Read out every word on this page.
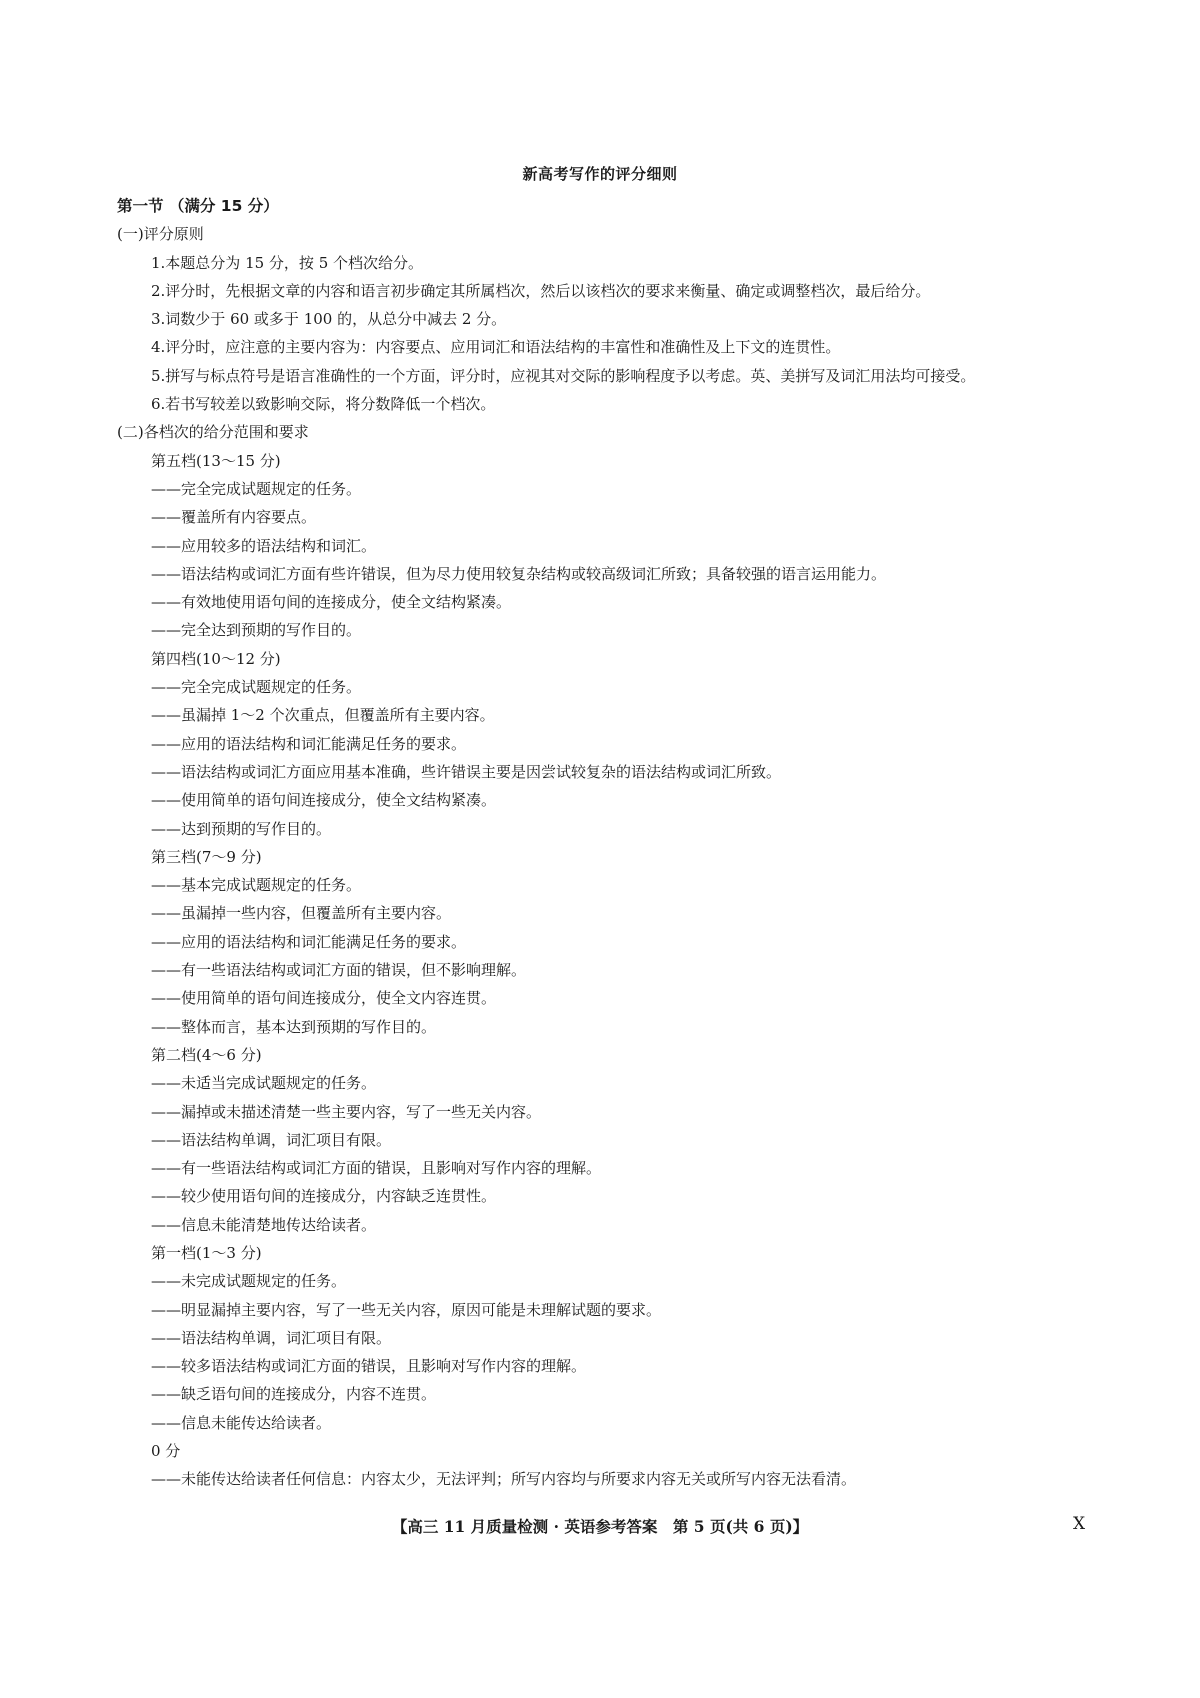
新高考写作的评分细则
第一节 （满分 15 分）
(一)评分原则
1.本题总分为 15 分，按 5 个档次给分。
2.评分时，先根据文章的内容和语言初步确定其所属档次，然后以该档次的要求来衡量、确定或调整档次，最后给分。
3.词数少于 60 或多于 100 的，从总分中减去 2 分。
4.评分时，应注意的主要内容为：内容要点、应用词汇和语法结构的丰富性和准确性及上下文的连贯性。
5.拼写与标点符号是语言准确性的一个方面，评分时，应视其对交际的影响程度予以考虑。英、美拼写及词汇用法均可接受。
6.若书写较差以致影响交际，将分数降低一个档次。
(二)各档次的给分范围和要求
第五档(13～15 分)
——完全完成试题规定的任务。
——覆盖所有内容要点。
——应用较多的语法结构和词汇。
——语法结构或词汇方面有些许错误，但为尽力使用较复杂结构或较高级词汇所致；具备较强的语言运用能力。
——有效地使用语句间的连接成分，使全文结构紧凑。
——完全达到预期的写作目的。
第四档(10～12 分)
——完全完成试题规定的任务。
——虽漏掉 1～2 个次重点，但覆盖所有主要内容。
——应用的语法结构和词汇能满足任务的要求。
——语法结构或词汇方面应用基本准确，些许错误主要是因尝试较复杂的语法结构或词汇所致。
——使用简单的语句间连接成分，使全文结构紧凑。
——达到预期的写作目的。
第三档(7～9 分)
——基本完成试题规定的任务。
——虽漏掉一些内容，但覆盖所有主要内容。
——应用的语法结构和词汇能满足任务的要求。
——有一些语法结构或词汇方面的错误，但不影响理解。
——使用简单的语句间连接成分，使全文内容连贯。
——整体而言，基本达到预期的写作目的。
第二档(4～6 分)
——未适当完成试题规定的任务。
——漏掉或未描述清楚一些主要内容，写了一些无关内容。
——语法结构单调，词汇项目有限。
——有一些语法结构或词汇方面的错误，且影响对写作内容的理解。
——较少使用语句间的连接成分，内容缺乏连贯性。
——信息未能清楚地传达给读者。
第一档(1～3 分)
——未完成试题规定的任务。
——明显漏掉主要内容，写了一些无关内容，原因可能是未理解试题的要求。
——语法结构单调，词汇项目有限。
——较多语法结构或词汇方面的错误，且影响对写作内容的理解。
——缺乏语句间的连接成分，内容不连贯。
——信息未能传达给读者。
0 分
——未能传达给读者任何信息：内容太少，无法评判；所写内容均与所要求内容无关或所写内容无法看清。
【高三 11 月质量检测 · 英语参考答案　第 5 页(共 6 页)】	X
